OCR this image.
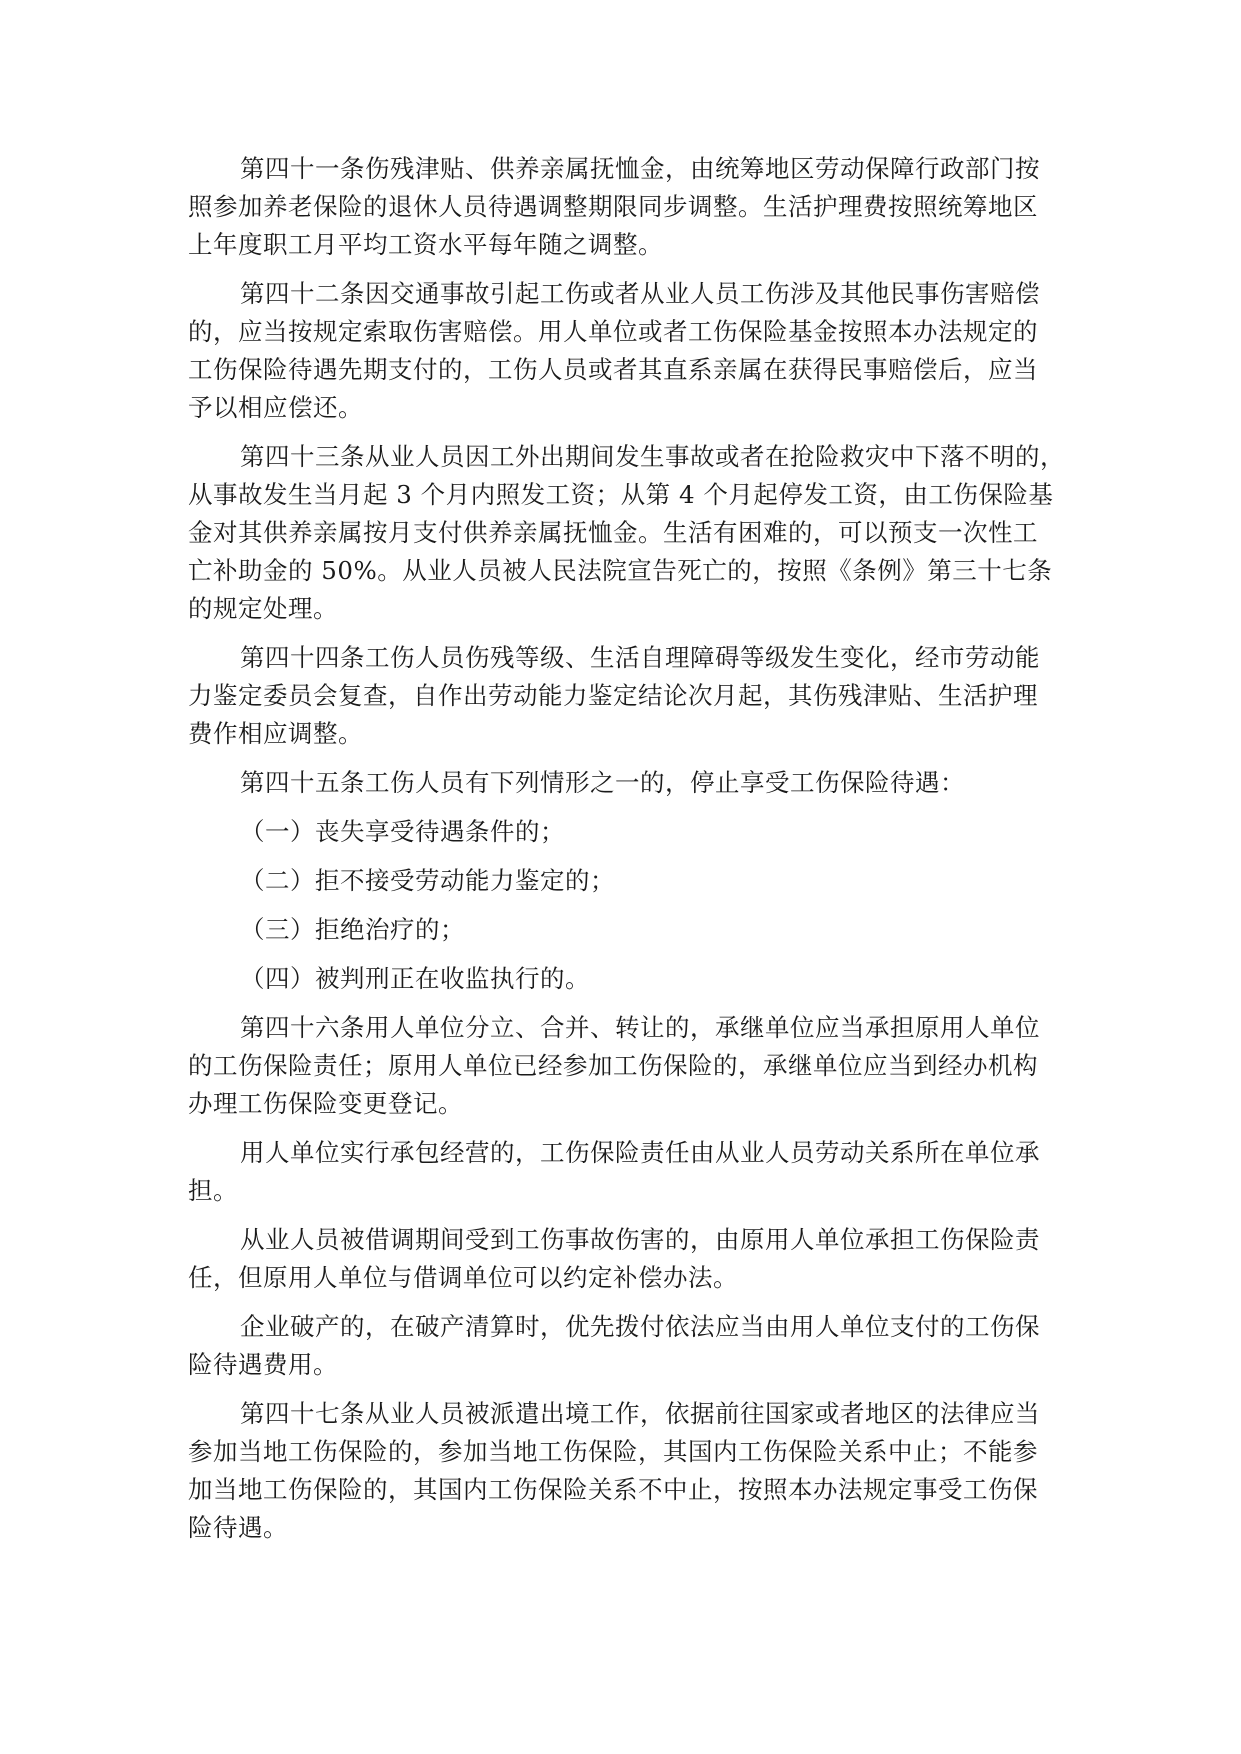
第四十一条伤残津贴、供养亲属抚恤金，由统筹地区劳动保障行政部门按
照参加养老保险的退休人员待遇调整期限同步调整。生活护理费按照统筹地区
上年度职工月平均工资水平每年随之调整。
第四十二条因交通事故引起工伤或者从业人员工伤涉及其他民事伤害赔偿
的，应当按规定索取伤害赔偿。用人单位或者工伤保险基金按照本办法规定的
工伤保险待遇先期支付的，工伤人员或者其直系亲属在获得民事赔偿后，应当
予以相应偿还。
第四十三条从业人员因工外出期间发生事故或者在抢险救灾中下落不明的，
从事故发生当月起 3 个月内照发工资；从第 4 个月起停发工资，由工伤保险基
金对其供养亲属按月支付供养亲属抚恤金。生活有困难的，可以预支一次性工
亡补助金的 50%。从业人员被人民法院宣告死亡的，按照《条例》第三十七条
的规定处理。
第四十四条工伤人员伤残等级、生活自理障碍等级发生变化，经市劳动能
力鉴定委员会复查，自作出劳动能力鉴定结论次月起，其伤残津贴、生活护理
费作相应调整。
第四十五条工伤人员有下列情形之一的，停止享受工伤保险待遇：
（一）丧失享受待遇条件的；
（二）拒不接受劳动能力鉴定的；
（三）拒绝治疗的；
（四）被判刑正在收监执行的。
第四十六条用人单位分立、合并、转让的，承继单位应当承担原用人单位
的工伤保险责任；原用人单位已经参加工伤保险的，承继单位应当到经办机构
办理工伤保险变更登记。
用人单位实行承包经营的，工伤保险责任由从业人员劳动关系所在单位承
担。
从业人员被借调期间受到工伤事故伤害的，由原用人单位承担工伤保险责
任，但原用人单位与借调单位可以约定补偿办法。
企业破产的，在破产清算时，优先拨付依法应当由用人单位支付的工伤保
险待遇费用。
第四十七条从业人员被派遣出境工作，依据前往国家或者地区的法律应当
参加当地工伤保险的，参加当地工伤保险，其国内工伤保险关系中止；不能参
加当地工伤保险的，其国内工伤保险关系不中止，按照本办法规定事受工伤保
险待遇。
